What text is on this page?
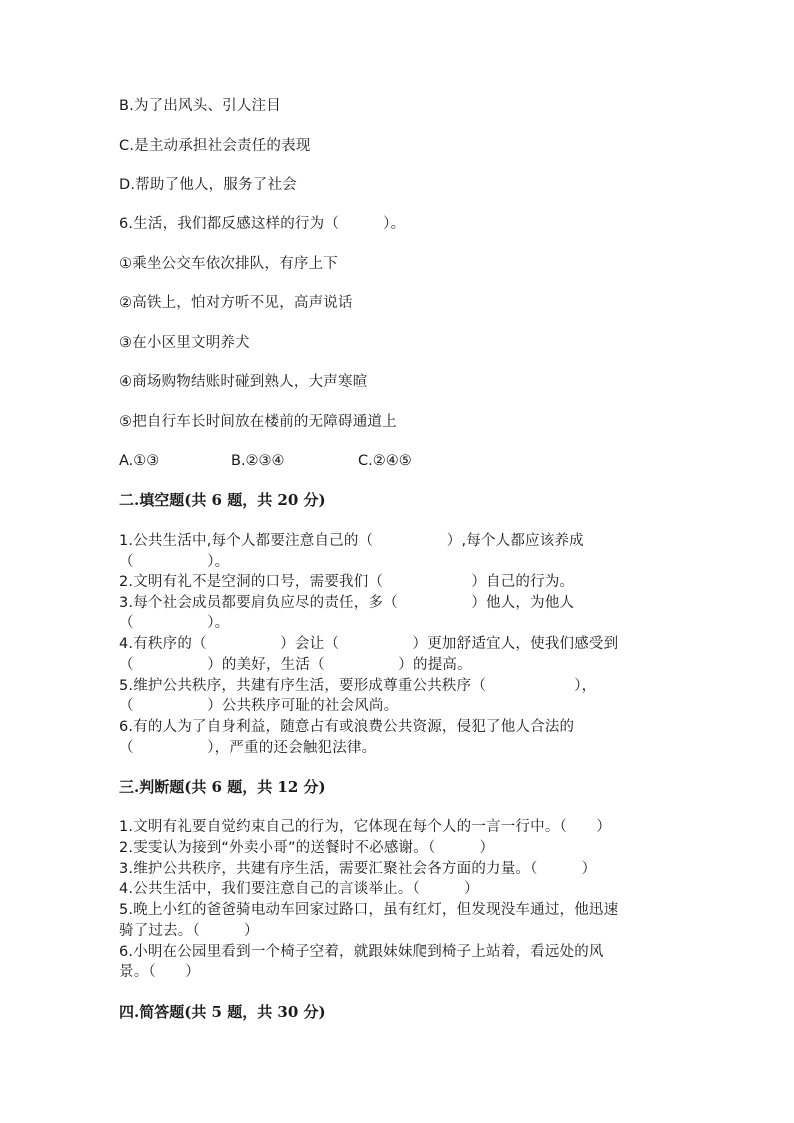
B.为了出风头、引人注目
C.是主动承担社会责任的表现
D.帮助了他人，服务了社会
6.生活，我们都反感这样的行为（　　　）。
①乘坐公交车依次排队，有序上下
②高铁上，怕对方听不见，高声说话
③在小区里文明养犬
④商场购物结账时碰到熟人，大声寒暄
⑤把自行车长时间放在楼前的无障碍通道上
A.①③	B.②③④	C.②④⑤
二.填空题(共 6 题，共 20 分)
1.公共生活中,每个人都要注意自己的（　　　　　）,每个人都应该养成
（　　　　　）。
2.文明有礼不是空洞的口号，需要我们（　　　　　　）自己的行为。
3.每个社会成员都要肩负应尽的责任，多（　　　　　）他人，为他人
（　　　　　）。
4.有秩序的（　　　　　）会让（　　　　　）更加舒适宜人，使我们感受到
（　　　　　）的美好，生活（　　　　　）的提高。
5.维护公共秩序，共建有序生活，要形成尊重公共秩序（　　　　　　），
（　　　　　）公共秩序可耻的社会风尚。
6.有的人为了自身利益，随意占有或浪费公共资源，侵犯了他人合法的
（　　　　　），严重的还会触犯法律。
三.判断题(共 6 题，共 12 分)
1.文明有礼要自觉约束自己的行为，它体现在每个人的一言一行中。（　　）
2.雯雯认为接到“外卖小哥”的送餐时不必感谢。（　　　）
3.维护公共秩序，共建有序生活，需要汇聚社会各方面的力量。（　　　）
4.公共生活中，我们要注意自己的言谈举止。（　　　）
5.晚上小红的爸爸骑电动车回家过路口，虽有红灯，但发现没车通过，他迅速
骑了过去。（　　　）
6.小明在公园里看到一个椅子空着，就跟妹妹爬到椅子上站着，看远处的风
景。（　　）
四.简答题(共 5 题，共 30 分)
